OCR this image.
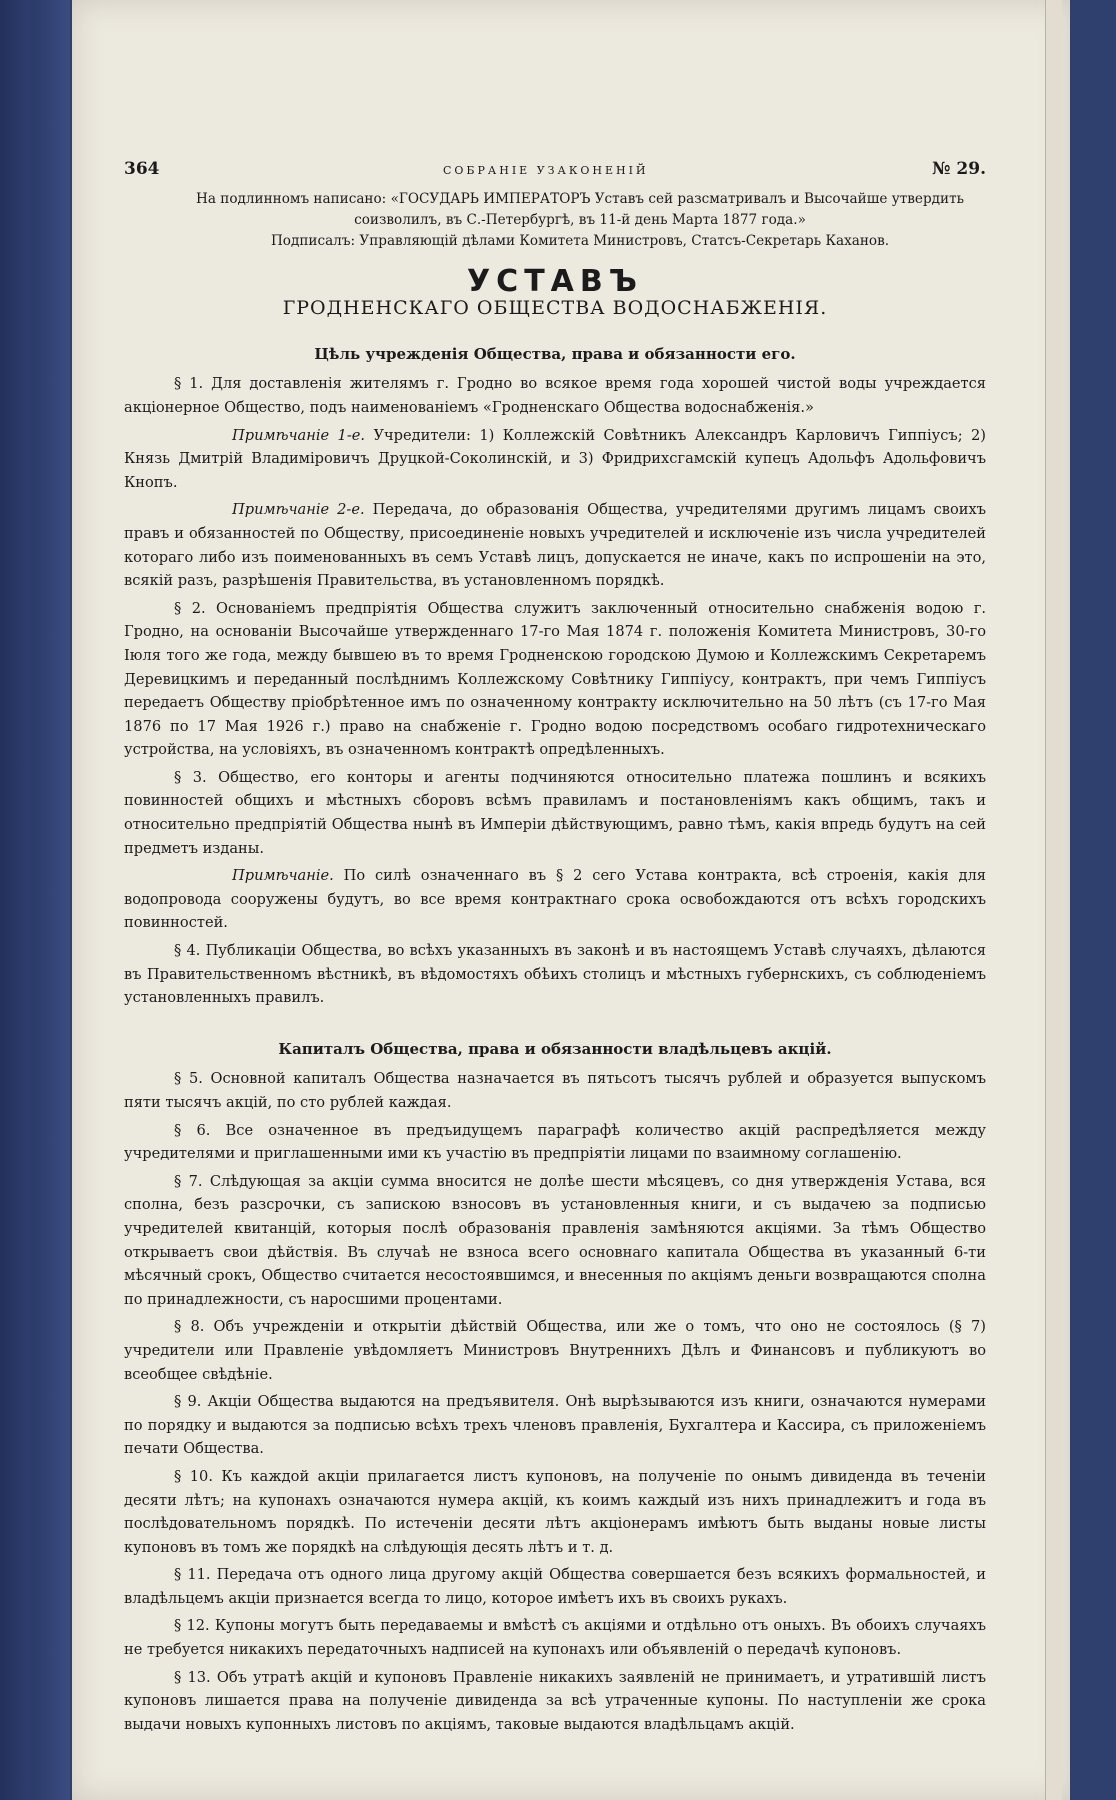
364	СОБРАНІЕ УЗАКОНЕНІЙ	№ 29.

На подлинномъ написано: «ГОСУДАРЬ ИМПЕРАТОРЪ Уставъ сей разсматривалъ и Высочайше утвердить

соизволилъ, въ С.-Петербургѣ, въ 11-й день Марта 1877 года.»

Подписалъ: Управляющій дѣлами Комитета Министровъ, Статсъ-Секретарь Каханов.

УСТАВЪ
ГРОДНЕНСКАГО ОБЩЕСТВА ВОДОСНАБЖЕНІЯ.
Цѣль учрежденія Общества, права и обязанности его.

§ 1. Для доставленія жителямъ г. Гродно во всякое время года хорошей чистой воды учреждается акціонерное Общество, подъ наименованіемъ «Гродненскаго Общества водоснабженія.»

Примѣчаніе 1-е. Учредители: 1) Коллежскій Совѣтникъ Александръ Карловичъ Гиппіусъ; 2) Князь Дмитрій Владиміровичъ Друцкой-Соколинскій, и 3) Фридрихсгамскій купецъ Адольфъ Адольфовичъ Кнопъ.

Примѣчаніе 2-е. Передача, до образованія Общества, учредителями другимъ лицамъ своихъ правъ и обязанностей по Обществу, присоединеніе новыхъ учредителей и исключеніе изъ числа учредителей котораго либо изъ поименованныхъ въ семъ Уставѣ лицъ, допускается не иначе, какъ по испрошеніи на это, всякій разъ, разрѣшенія Правительства, въ установленномъ порядкѣ.

§ 2. Основаніемъ предпріятія Общества служитъ заключенный относительно снабженія водою г. Гродно, на основаніи Высочайше утвержденнаго 17-го Мая 1874 г. положенія Комитета Министровъ, 30-го Іюля того же года, между бывшею въ то время Гродненскою городскою Думою и Коллежскимъ Секретаремъ Деревицкимъ и переданный послѣднимъ Коллежскому Совѣтнику Гиппіусу, контрактъ, при чемъ Гиппіусъ передаетъ Обществу пріобрѣтенное имъ по означенному контракту исключительно на 50 лѣтъ (съ 17-го Мая 1876 по 17 Мая 1926 г.) право на снабженіе г. Гродно водою посредствомъ особаго гидротехническаго устройства, на условіяхъ, въ означенномъ контрактѣ опредѣленныхъ.

§ 3. Общество, его конторы и агенты подчиняются относительно платежа пошлинъ и всякихъ повинностей общихъ и мѣстныхъ сборовъ всѣмъ правиламъ и постановленіямъ какъ общимъ, такъ и относительно предпріятій Общества нынѣ въ Имперіи дѣйствующимъ, равно тѣмъ, какія впредь будутъ на сей предметъ изданы.

Примѣчаніе. По силѣ означеннаго въ § 2 сего Устава контракта, всѣ строенія, какія для водопровода сооружены будутъ, во все время контрактнаго срока освобождаются отъ всѣхъ городскихъ повинностей.

§ 4. Публикаціи Общества, во всѣхъ указанныхъ въ законѣ и въ настоящемъ Уставѣ случаяхъ, дѣлаются въ Правительственномъ вѣстникѣ, въ вѣдомостяхъ обѣихъ столицъ и мѣстныхъ губернскихъ, съ соблюденіемъ установленныхъ правилъ.

Капиталъ Общества, права и обязанности владѣльцевъ акцій.

§ 5. Основной капиталъ Общества назначается въ пятьсотъ тысячъ рублей и образуется выпускомъ пяти тысячъ акцій, по сто рублей каждая.

§ 6. Все означенное въ предъидущемъ параграфѣ количество акцій распредѣляется между учредителями и приглашенными ими къ участію въ предпріятіи лицами по взаимному соглашенію.

§ 7. Слѣдующая за акціи сумма вносится не долѣе шести мѣсяцевъ, со дня утвержденія Устава, вся сполна, безъ разсрочки, съ запискою взносовъ въ установленныя книги, и съ выдачею за подписью учредителей квитанцій, которыя послѣ образованія правленія замѣняются акціями. За тѣмъ Общество открываетъ свои дѣйствія. Въ случаѣ не взноса всего основнаго капитала Общества въ указанный 6-ти мѣсячный срокъ, Общество считается несостоявшимся, и внесенныя по акціямъ деньги возвращаются сполна по принадлежности, съ наросшими процентами.

§ 8. Объ учрежденіи и открытіи дѣйствій Общества, или же о томъ, что оно не состоялось (§ 7) учредители или Правленіе увѣдомляетъ Министровъ Внутреннихъ Дѣлъ и Финансовъ и публикуютъ во всеобщее свѣдѣніе.

§ 9. Акціи Общества выдаются на предъявителя. Онѣ вырѣзываются изъ книги, означаются нумерами по порядку и выдаются за подписью всѣхъ трехъ членовъ правленія, Бухгалтера и Кассира, съ приложеніемъ печати Общества.

§ 10. Къ каждой акціи прилагается листъ купоновъ, на полученіе по онымъ дивиденда въ теченіи десяти лѣтъ; на купонахъ означаются нумера акцій, къ коимъ каждый изъ нихъ принадлежитъ и года въ послѣдовательномъ порядкѣ. По истеченіи десяти лѣтъ акціонерамъ имѣютъ быть выданы новые листы купоновъ въ томъ же порядкѣ на слѣдующія десять лѣтъ и т. д.

§ 11. Передача отъ одного лица другому акцій Общества совершается безъ всякихъ формальностей, и владѣльцемъ акціи признается всегда то лицо, которое имѣетъ ихъ въ своихъ рукахъ.

§ 12. Купоны могутъ быть передаваемы и вмѣстѣ съ акціями и отдѣльно отъ оныхъ. Въ обоихъ случаяхъ не требуется никакихъ передаточныхъ надписей на купонахъ или объявленій о передачѣ купоновъ.

§ 13. Объ утратѣ акцій и купоновъ Правленіе никакихъ заявленій не принимаетъ, и утратившій листъ купоновъ лишается права на полученіе дивиденда за всѣ утраченные купоны. По наступленіи же срока выдачи новыхъ купонныхъ листовъ по акціямъ, таковые выдаются владѣльцамъ акцій.
